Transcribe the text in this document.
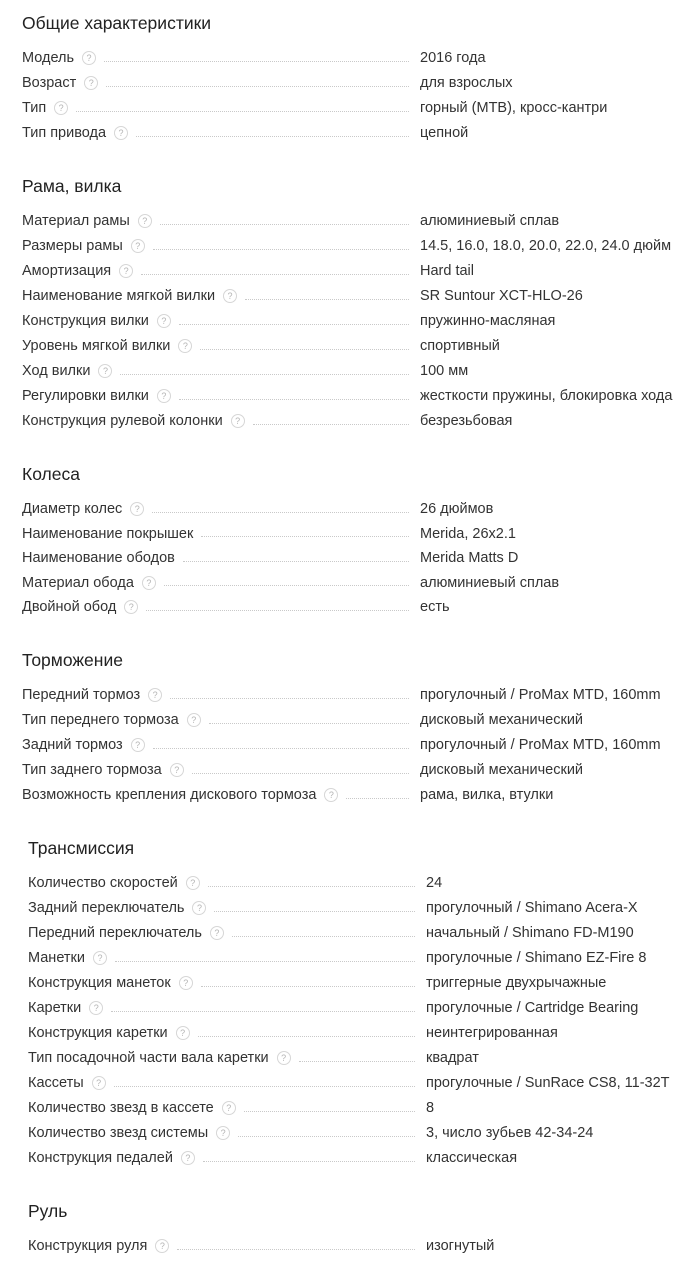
Общие характеристики
Модель	?	2016 года
Возраст	?	для взрослых
Тип	?	горный (MTB), кросс-кантри
Тип привода	?	цепной
Рама, вилка
Материал рамы	?	алюминиевый сплав
Размеры рамы	?	14.5, 16.0, 18.0, 20.0, 22.0, 24.0 дюйм
Амортизация	?	Hard tail
Наименование мягкой вилки	?	SR Suntour XCT-HLO-26
Конструкция вилки	?	пружинно-масляная
Уровень мягкой вилки	?	спортивный
Ход вилки	?	100 мм
Регулировки вилки	?	жесткости пружины, блокировка хода
Конструкция рулевой колонки	?	безрезьбовая
Колеса
Диаметр колес	?	26 дюймов
Наименование покрышек	Merida, 26x2.1
Наименование ободов	Merida Matts D
Материал обода	?	алюминиевый сплав
Двойной обод	?	есть
Торможение
Передний тормоз	?	прогулочный / ProMax MTD, 160mm
Тип переднего тормоза	?	дисковый механический
Задний тормоз	?	прогулочный / ProMax MTD, 160mm
Тип заднего тормоза	?	дисковый механический
Возможность крепления дискового тормоза	?	рама, вилка, втулки
Трансмиссия
Количество скоростей	?	24
Задний переключатель	?	прогулочный / Shimano Acera-X
Передний переключатель	?	начальный / Shimano FD-M190
Манетки	?	прогулочные / Shimano EZ-Fire 8
Конструкция манеток	?	триггерные двухрычажные
Каретки	?	прогулочные / Cartridge Bearing
Конструкция каретки	?	неинтегрированная
Тип посадочной части вала каретки	?	квадрат
Кассеты	?	прогулочные / SunRace CS8, 11-32T
Количество звезд в кассете	?	8
Количество звезд системы	?	3, число зубьев 42-34-24
Конструкция педалей	?	классическая
Руль
Конструкция руля	?	изогнутый
